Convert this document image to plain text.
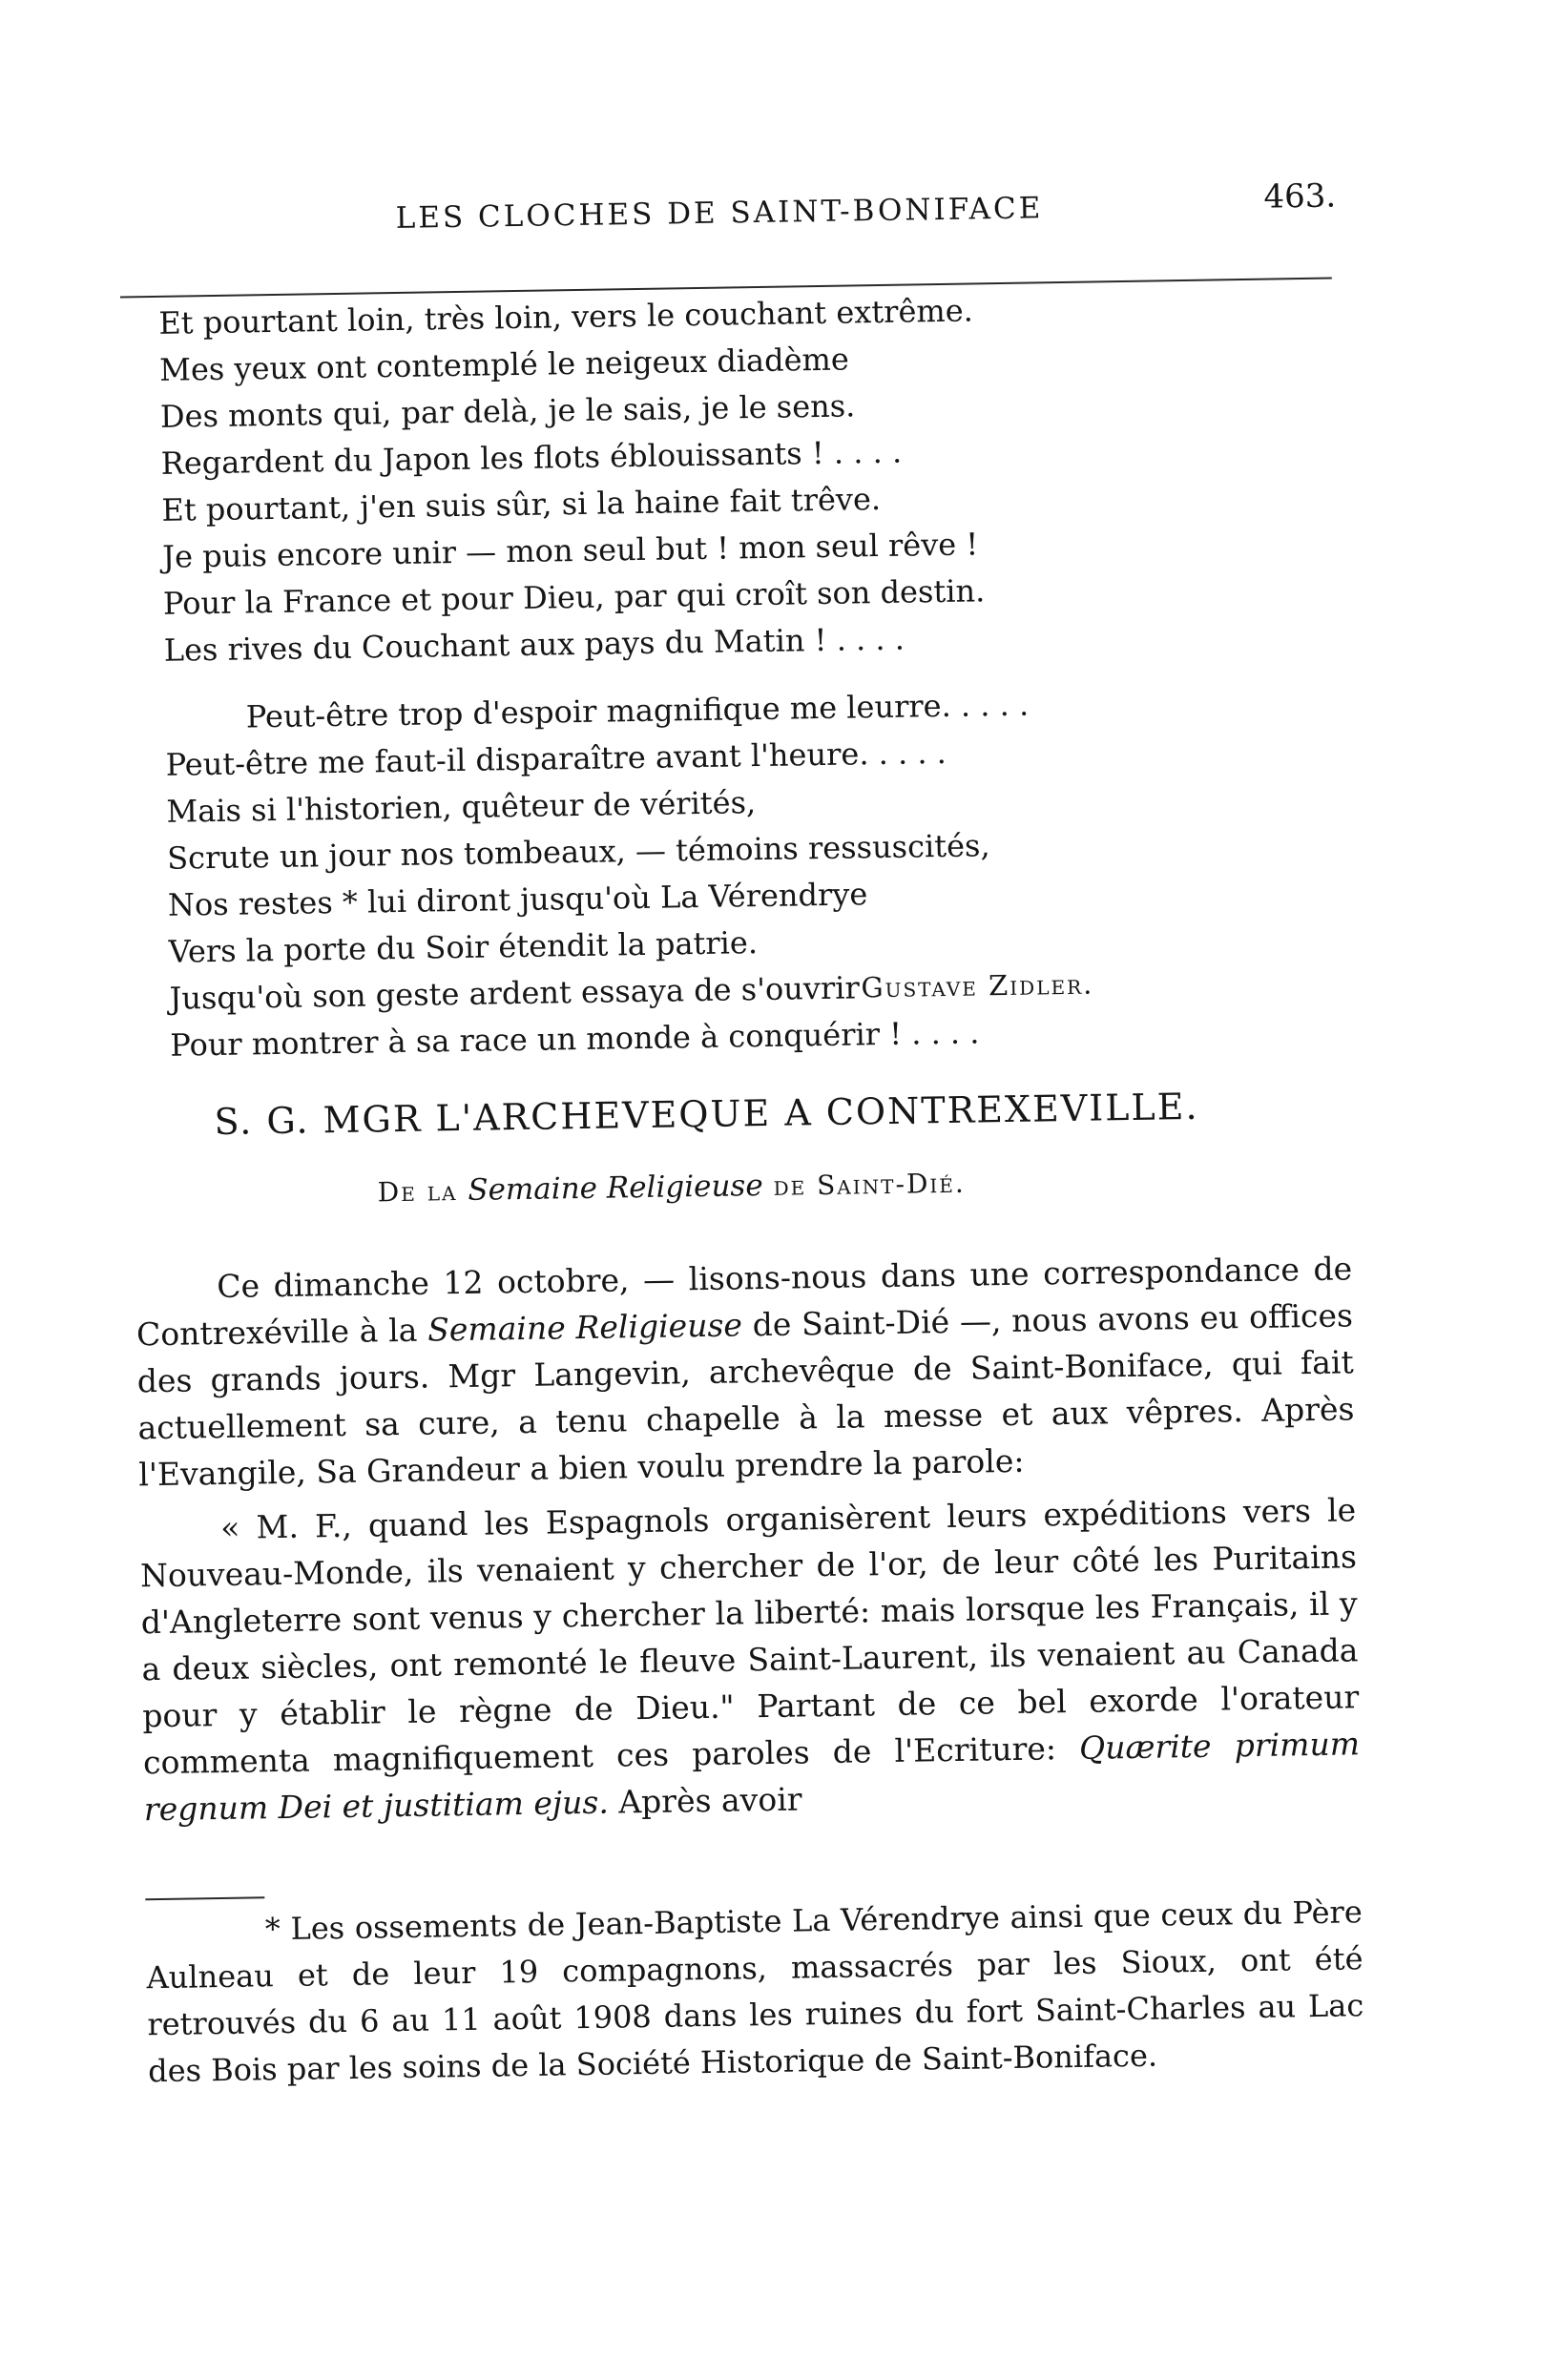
LES CLOCHES DE SAINT-BONIFACE	463.
Et pourtant loin, très loin, vers le couchant extrême.
Mes yeux ont contemplé le neigeux diadème
Des monts qui, par delà, je le sais, je le sens.
Regardent du Japon les flots éblouissants ! . . . .
Et pourtant, j'en suis sûr, si la haine fait trêve.
Je puis encore unir — mon seul but ! mon seul rêve !
Pour la France et pour Dieu, par qui croît son destin.
Les rives du Couchant aux pays du Matin ! . . . .
Peut-être trop d'espoir magnifique me leurre. . . . .
Peut-être me faut-il disparaître avant l'heure. . . . .
Mais si l'historien, quêteur de vérités,
Scrute un jour nos tombeaux, — témoins ressuscités,
Nos restes * lui diront jusqu'où La Vérendrye
Vers la porte du Soir étendit la patrie.
Jusqu'où son geste ardent essaya de s'ouvrir
Pour montrer à sa race un monde à conquérir ! . . . .
Gustave Zidler.
S. G. MGR L'ARCHEVEQUE A CONTREXEVILLE.
De la Semaine Religieuse de Saint-Dié.

Ce dimanche 12 octobre, — lisons-nous dans une correspondance de Contrexéville à la Semaine Religieuse de Saint-Dié —, nous avons eu offices des grands jours. Mgr Langevin, archevêque de Saint-Boniface, qui fait actuellement sa cure, a tenu chapelle à la messe et aux vêpres. Après l'Evangile, Sa Grandeur a bien voulu prendre la parole:

« M. F., quand les Espagnols organisèrent leurs expéditions vers le Nouveau-Monde, ils venaient y chercher de l'or, de leur côté les Puritains d'Angleterre sont venus y chercher la liberté: mais lorsque les Français, il y a deux siècles, ont remonté le fleuve Saint-Laurent, ils venaient au Canada pour y établir le règne de Dieu." Partant de ce bel exorde l'orateur commenta magnifiquement ces paroles de l'Ecriture: Quærite primum regnum Dei et justitiam ejus. Après avoir

* Les ossements de Jean-Baptiste La Vérendrye ainsi que ceux du Père Aulneau et de leur 19 compagnons, massacrés par les Sioux, ont été retrouvés du 6 au 11 août 1908 dans les ruines du fort Saint-Charles au Lac des Bois par les soins de la Société Historique de Saint-Boniface.
